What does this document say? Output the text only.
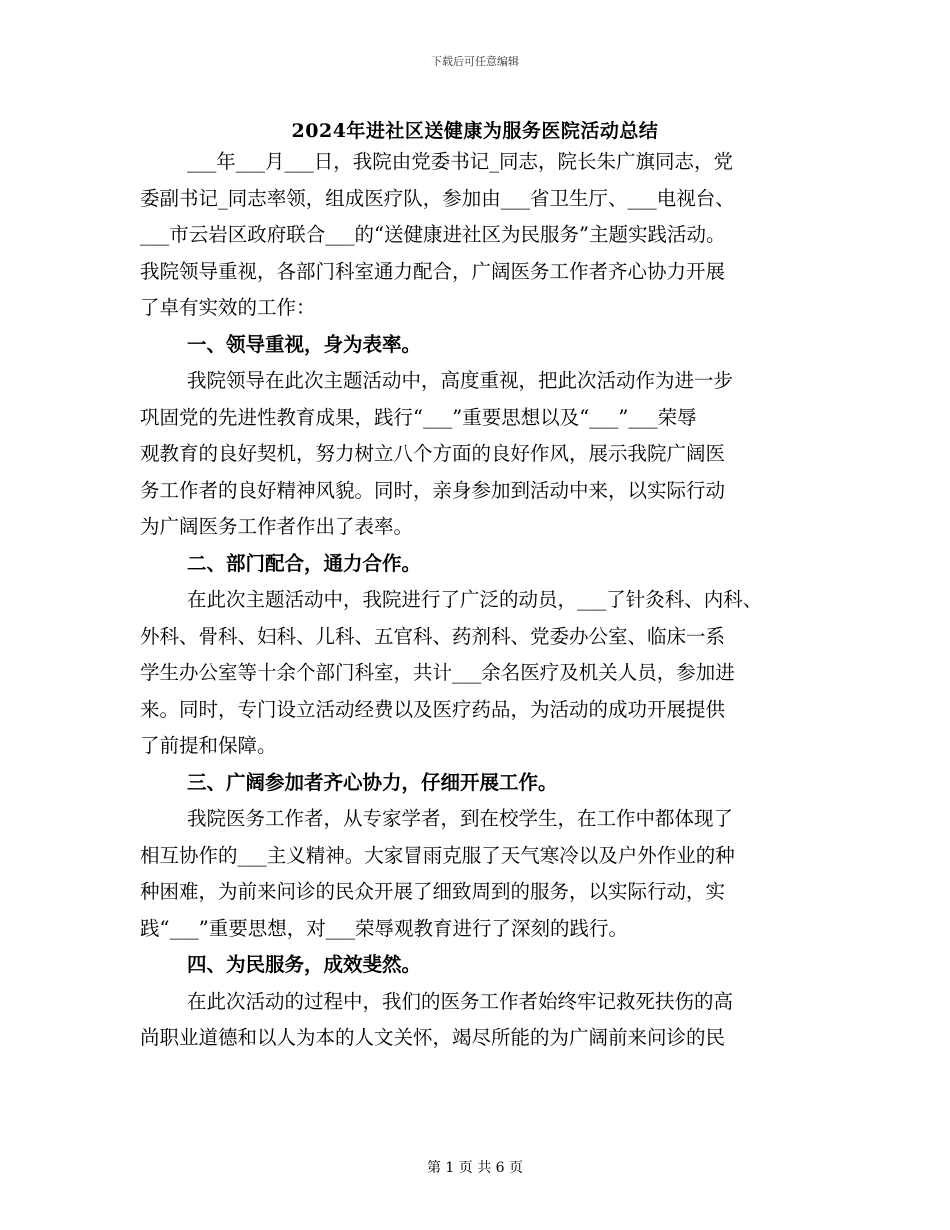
下载后可任意编辑
2024年进社区送健康为服务医院活动总结
___年___月___日，我院由党委书记_同志，院长朱广旗同志，党
委副书记_同志率领，组成医疗队，参加由___省卫生厅、___电视台、
___市云岩区政府联合___的“送健康进社区为民服务”主题实践活动。
我院领导重视，各部门科室通力配合，广阔医务工作者齐心协力开展
了卓有实效的工作：
一、领导重视，身为表率。
我院领导在此次主题活动中，高度重视，把此次活动作为进一步
巩固党的先进性教育成果，践行“___”重要思想以及“___”___荣辱
观教育的良好契机，努力树立八个方面的良好作风，展示我院广阔医
务工作者的良好精神风貌。同时，亲身参加到活动中来，以实际行动
为广阔医务工作者作出了表率。
二、部门配合，通力合作。
在此次主题活动中，我院进行了广泛的动员，___了针灸科、内科、
外科、骨科、妇科、儿科、五官科、药剂科、党委办公室、临床一系
学生办公室等十余个部门科室，共计___余名医疗及机关人员，参加进
来。同时，专门设立活动经费以及医疗药品，为活动的成功开展提供
了前提和保障。
三、广阔参加者齐心协力，仔细开展工作。
我院医务工作者，从专家学者，到在校学生，在工作中都体现了
相互协作的___主义精神。大家冒雨克服了天气寒冷以及户外作业的种
种困难，为前来问诊的民众开展了细致周到的服务，以实际行动，实
践“___”重要思想，对___荣辱观教育进行了深刻的践行。
四、为民服务，成效斐然。
在此次活动的过程中，我们的医务工作者始终牢记救死扶伤的高
尚职业道德和以人为本的人文关怀，竭尽所能的为广阔前来问诊的民
第 1 页 共 6 页
